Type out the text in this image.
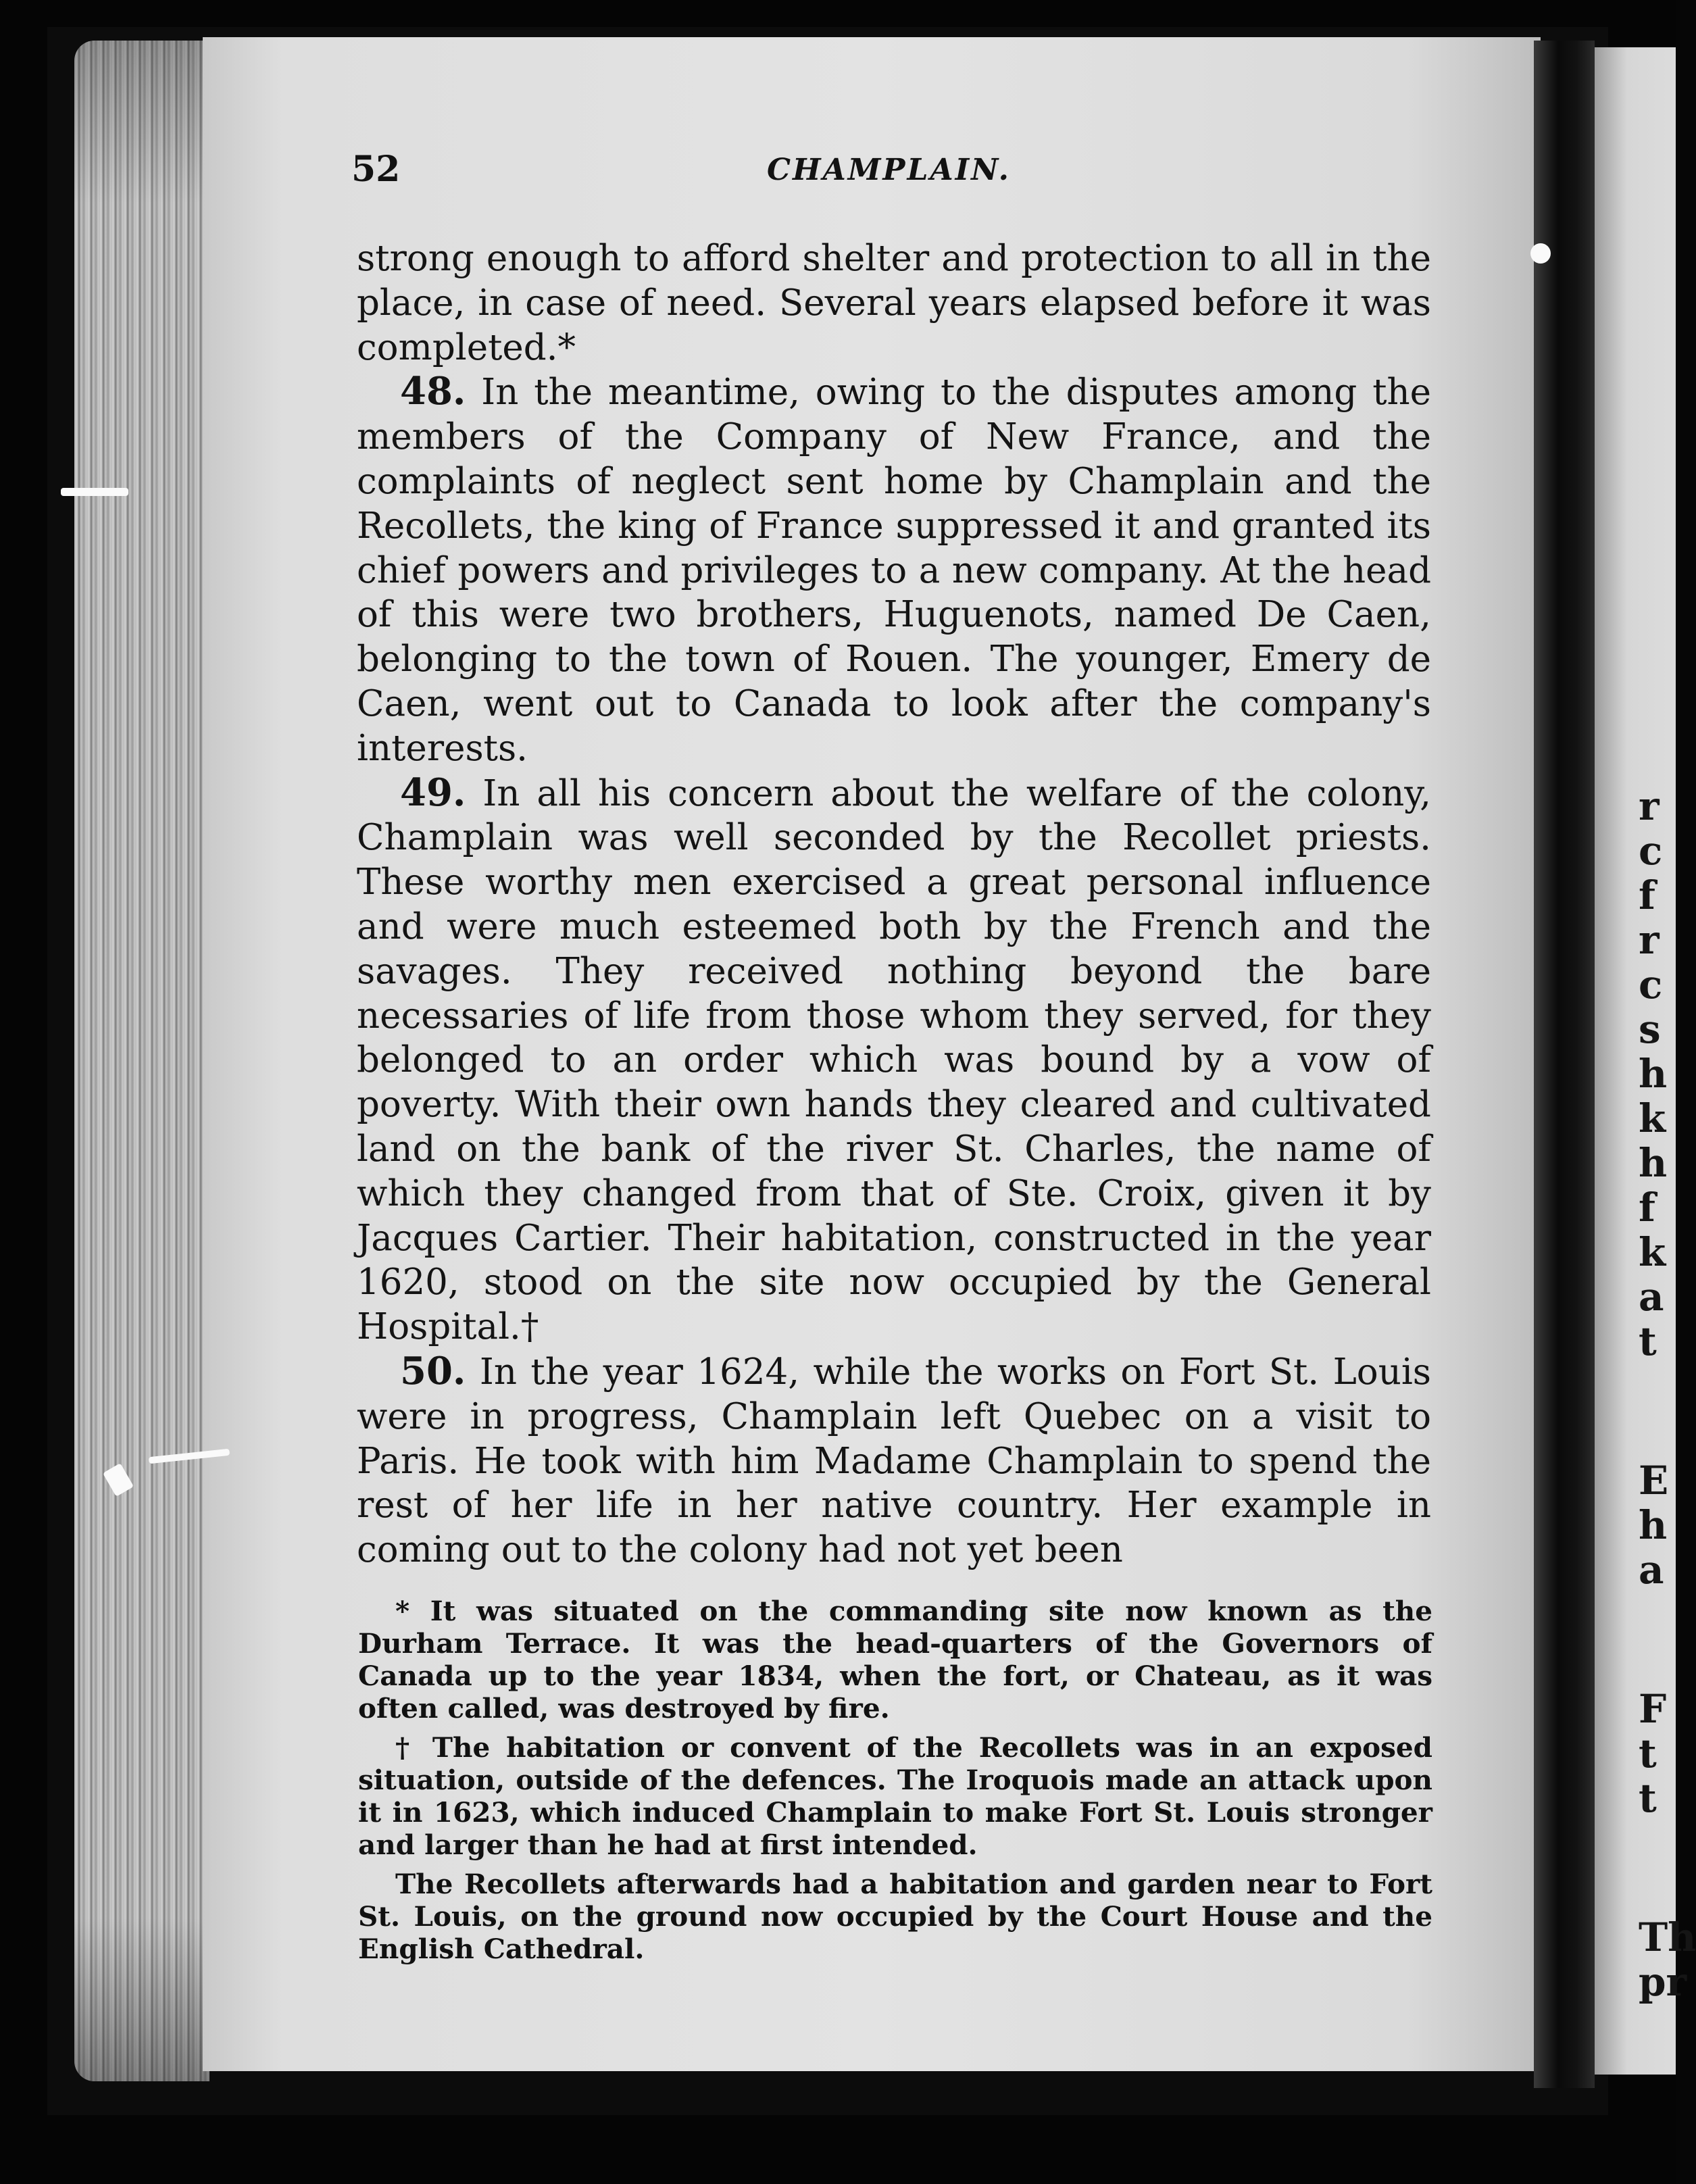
r
c
f
r
c
s
h
k
h
f
k
a
t
E
h
a
F
t
t
Th
pr
52	CHAMPLAIN.

strong enough to afford shelter and protection to all in the place, in case of need. Several years elapsed before it was completed.*

48. In the meantime, owing to the disputes among the members of the Company of New France, and the complaints of neglect sent home by Champlain and the Recollets, the king of France suppressed it and granted its chief powers and privileges to a new company. At the head of this were two brothers, Huguenots, named De Caen, belonging to the town of Rouen. The younger, Emery de Caen, went out to Canada to look after the company's interests.

49. In all his concern about the welfare of the colony, Champlain was well seconded by the Recollet priests. These worthy men exercised a great personal influence and were much esteemed both by the French and the savages. They received nothing beyond the bare necessaries of life from those whom they served, for they belonged to an order which was bound by a vow of poverty. With their own hands they cleared and cultivated land on the bank of the river St. Charles, the name of which they changed from that of Ste. Croix, given it by Jacques Cartier. Their habitation, constructed in the year 1620, stood on the site now occupied by the General Hospital.†

50. In the year 1624, while the works on Fort St. Louis were in progress, Champlain left Quebec on a visit to Paris. He took with him Madame Champlain to spend the rest of her life in her native country. Her example in coming out to the colony had not yet been

* It was situated on the commanding site now known as the Durham Terrace. It was the head-quarters of the Governors of Canada up to the year 1834, when the fort, or Chateau, as it was often called, was destroyed by fire.

† The habitation or convent of the Recollets was in an exposed situation, outside of the defences. The Iroquois made an attack upon it in 1623, which induced Champlain to make Fort St. Louis stronger and larger than he had at first intended.

The Recollets afterwards had a habitation and garden near to Fort St. Louis, on the ground now occupied by the Court House and the English Cathedral.
